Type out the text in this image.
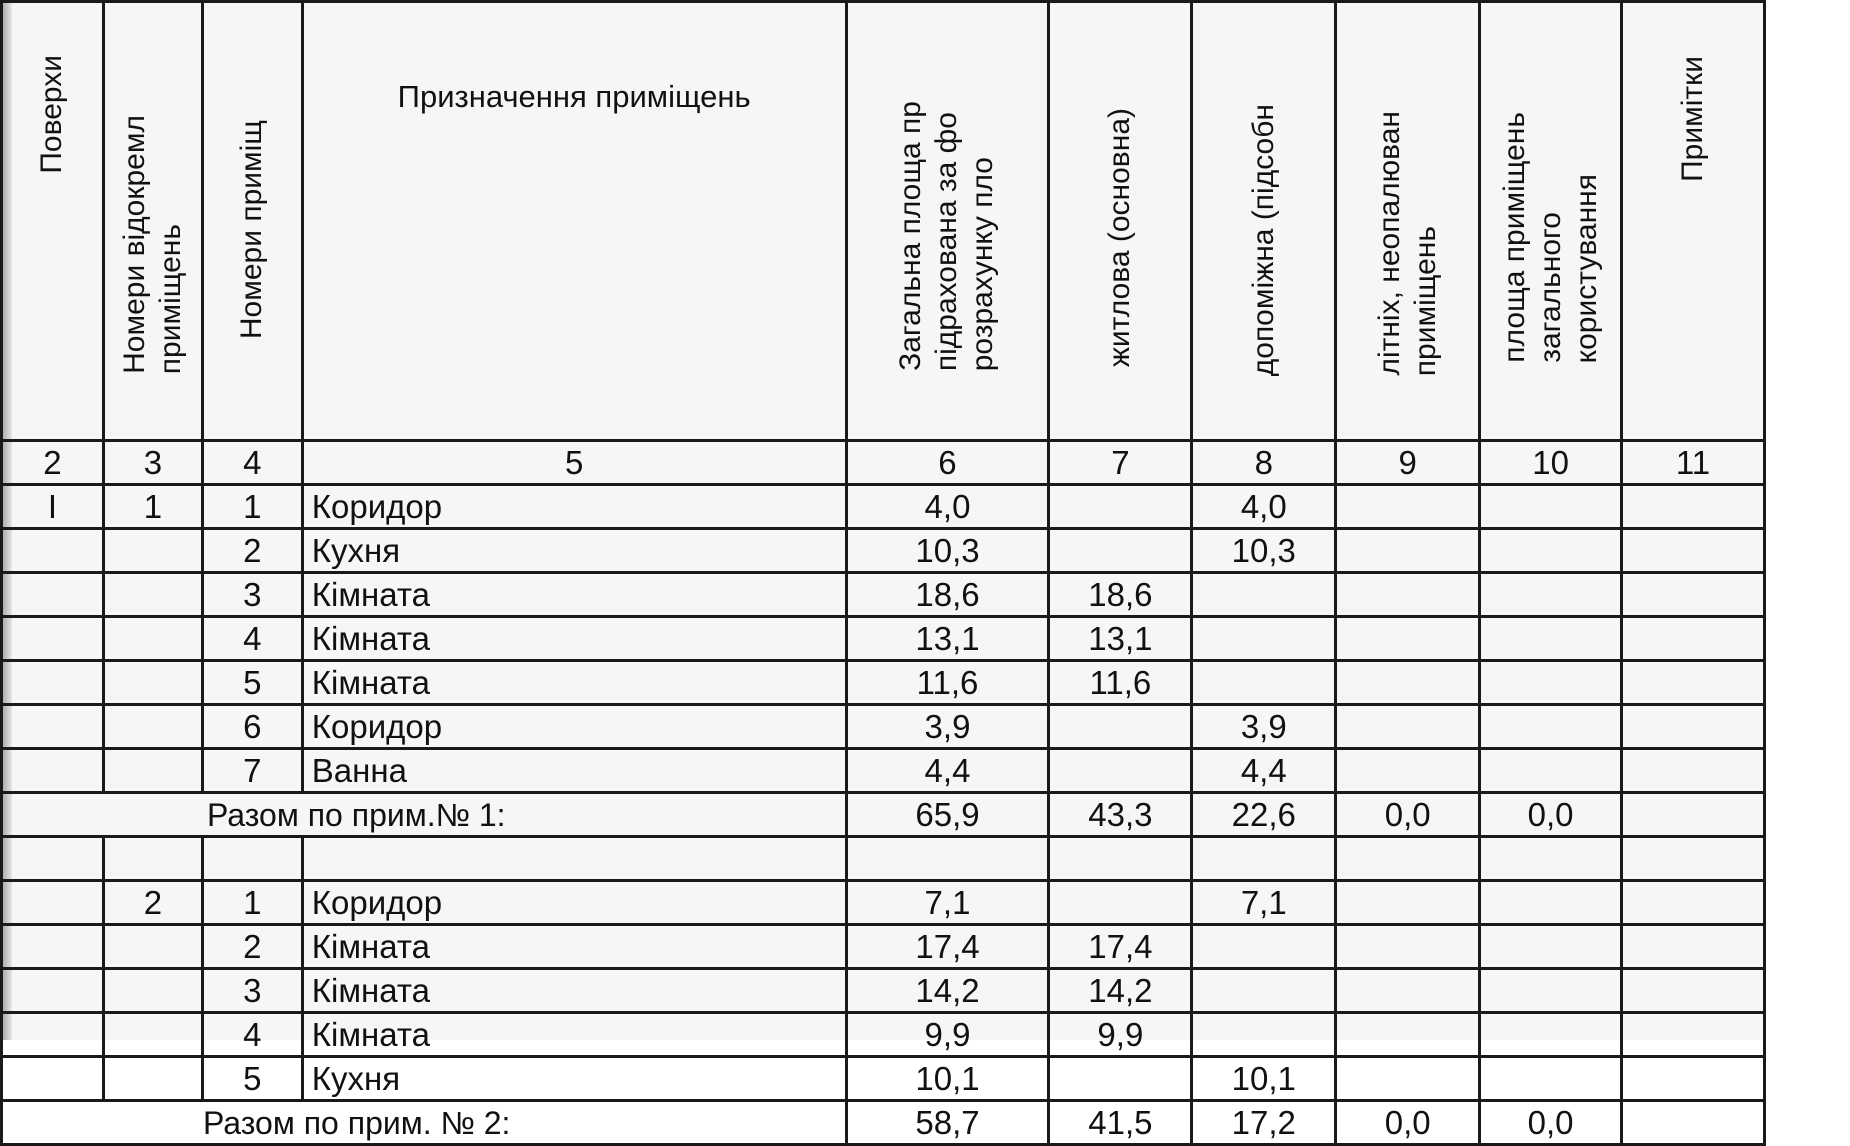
Поверхи	Номери відокремл приміщень	Номери приміщ	Призначення приміщень	Загальна площа пр підрахована за фо розрахунку пло	житлова (основна)	допоміжна (підсобн	літніх, неопалюван приміщень	площа приміщень загального користування	Примітки

2	3	4	5	6	7	8	9	10	11
I	1	1	Коридор	4,0		4,0			
		2	Кухня	10,3		10,3			
		3	Кімната	18,6	18,6				
		4	Кімната	13,1	13,1				
		5	Кімната	11,6	11,6				
		6	Коридор	3,9		3,9			
		7	Ванна	4,4		4,4			
Разом по прим.№ 1:				65,9	43,3	22,6	0,0	0,0	

	2	1	Коридор	7,1		7,1			
		2	Кімната	17,4	17,4				
		3	Кімната	14,2	14,2				
		4	Кімната	9,9	9,9				
		5	Кухня	10,1		10,1			
Разом по прим. № 2:				58,7	41,5	17,2	0,0	0,0	
